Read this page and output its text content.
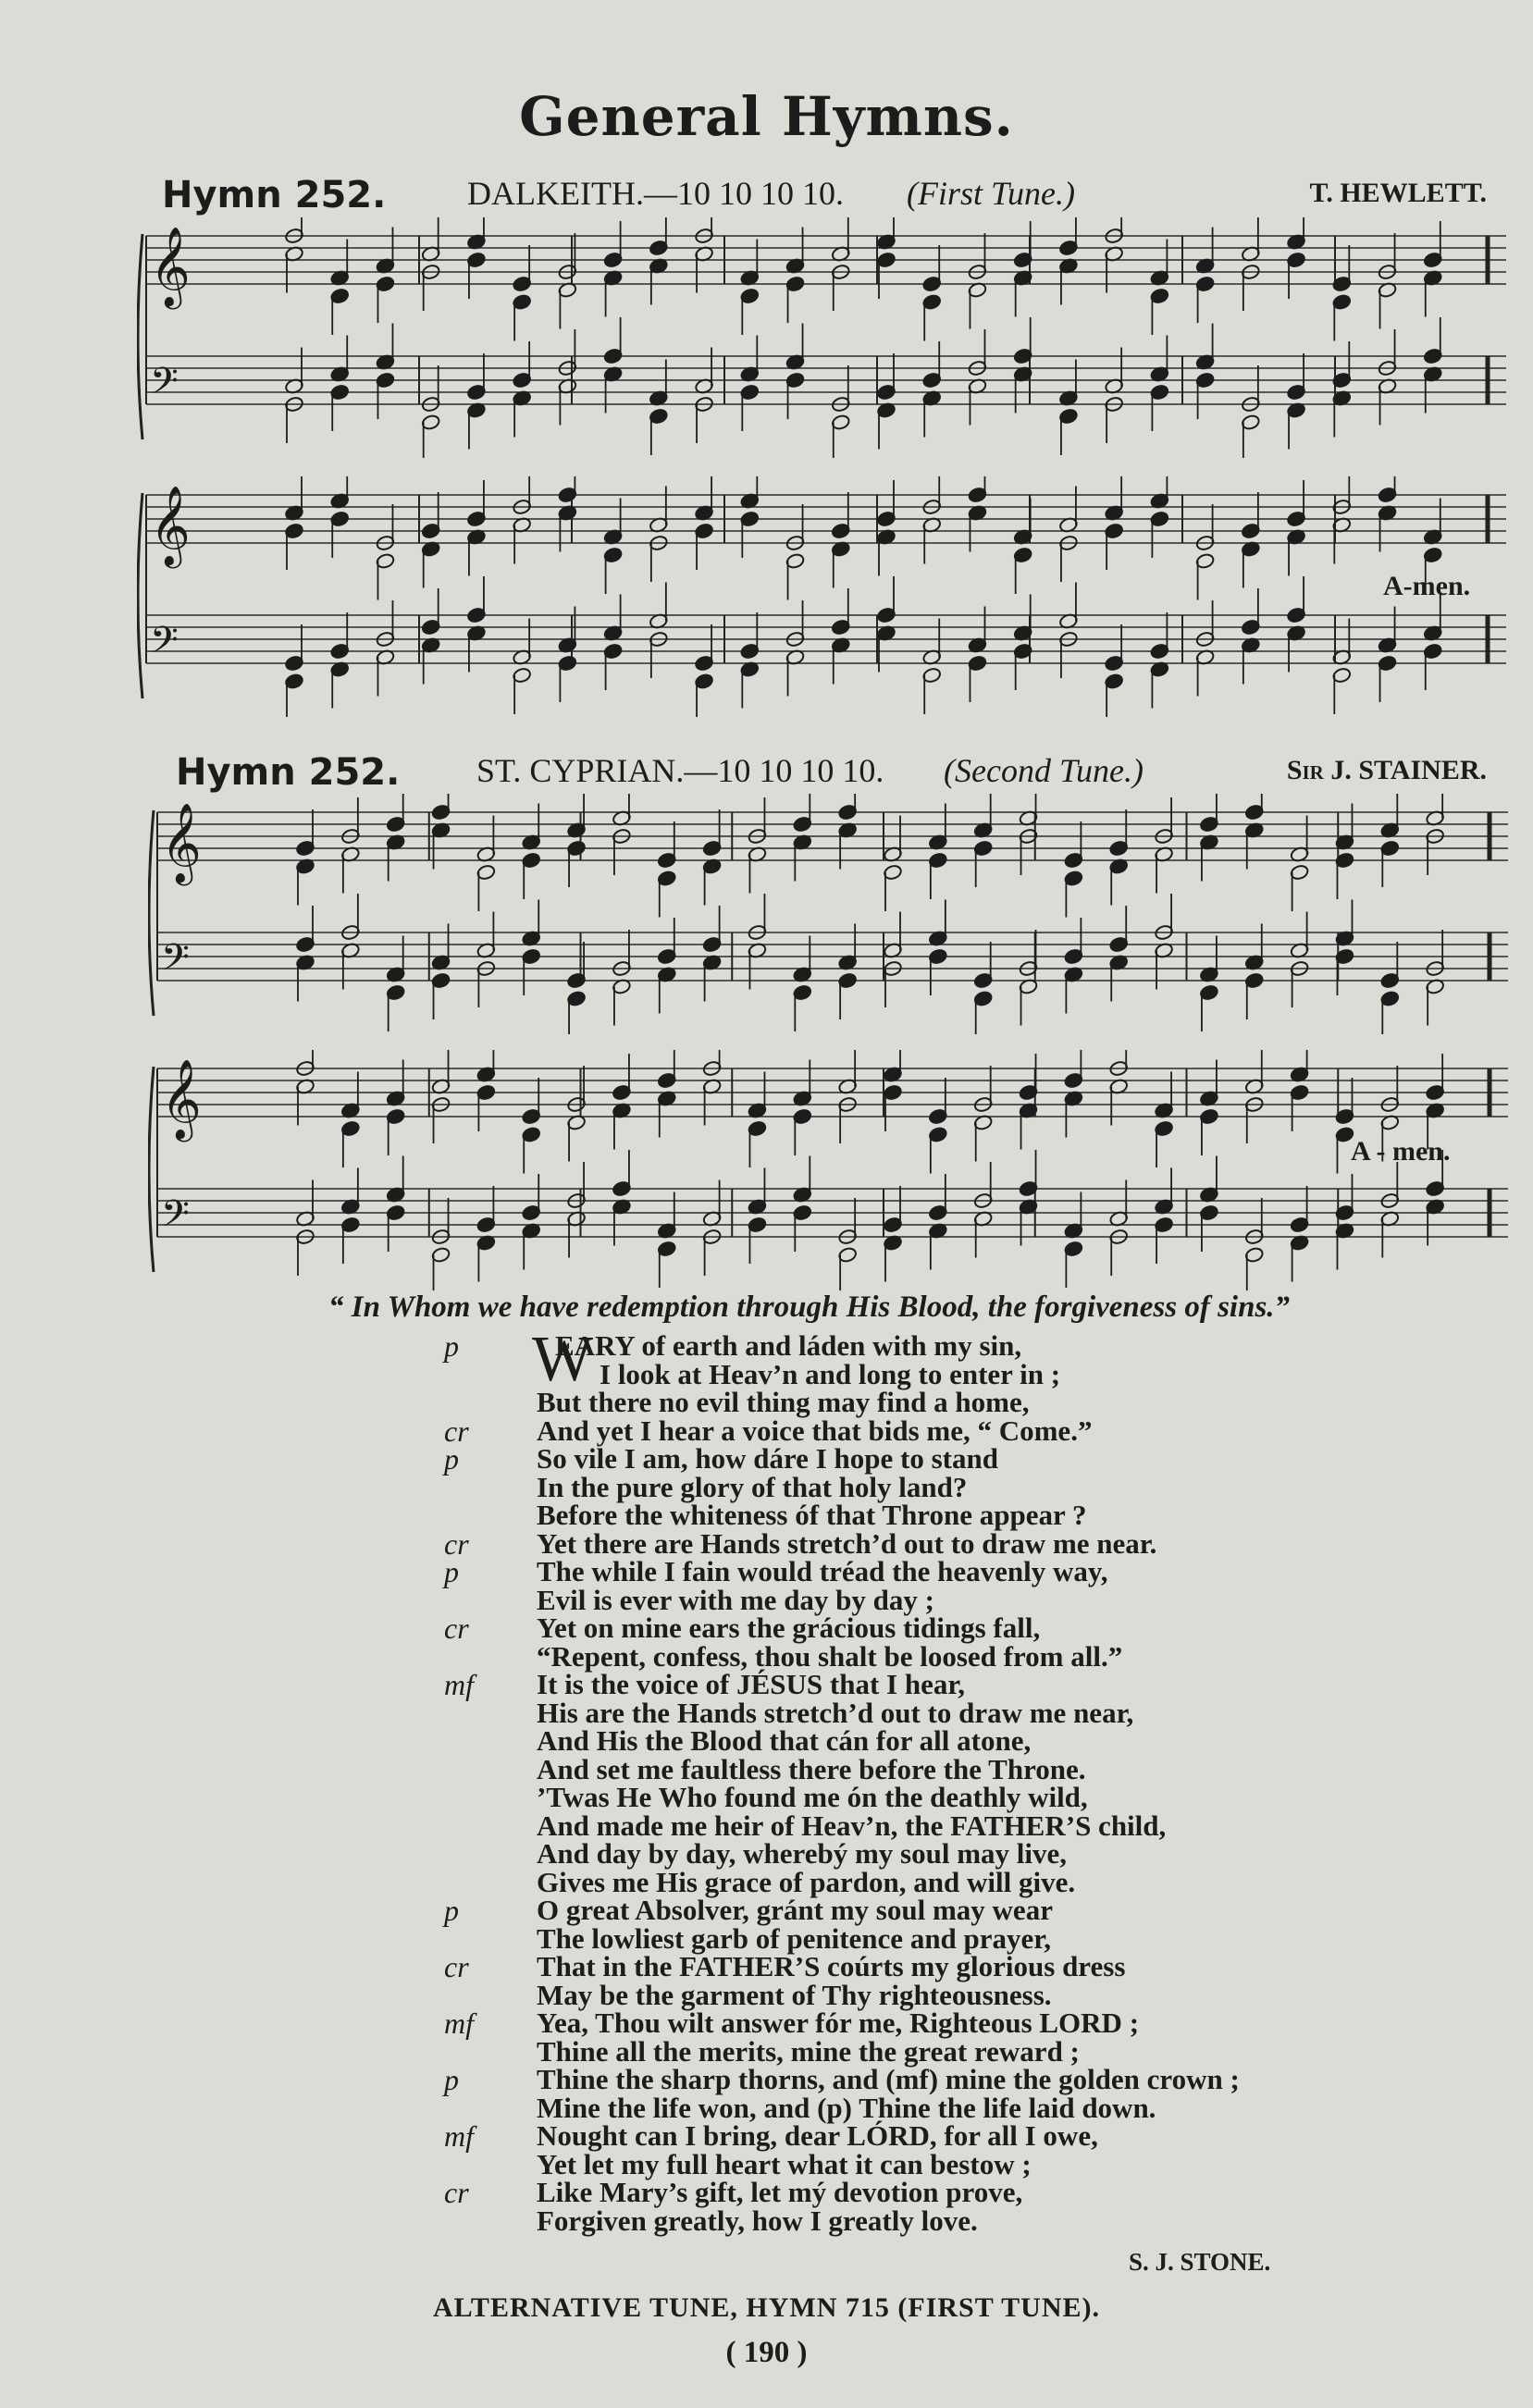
General Hymns.
Hymn 252. DALKEITH.—10 10 10 10. (First Tune.)	T. HEWLETT.
𝄞
𝄢
𝄞
𝄢
A-men.
Hymn 252. ST. CYPRIAN.—10 10 10 10. (Second Tune.)	Sir J. STAINER.
𝄞
𝄢
𝄞
𝄢
A - men.
“ In Whom we have redemption through His Blood, the forgiveness of sins.”
W
p	EARY of earth and láden with my sin,
I look at Heav’n and long to enter in ;
But there no evil thing may find a home,
cr And yet I hear a voice that bids me, “ Come.”
p	So vile I am, how dáre I hope to stand
In the pure glory of that holy land?
Before the whiteness óf that Throne appear ?
cr Yet there are Hands stretch’d out to draw me near.
p	The while I fain would tréad the heavenly way,
Evil is ever with me day by day ;
cr Yet on mine ears the grácious tidings fall,
“Repent, confess, thou shalt be loosed from all.”
mf It is the voice of JÉSUS that I hear,
His are the Hands stretch’d out to draw me near,
And His the Blood that cán for all atone,
And set me faultless there before the Throne.
’Twas He Who found me ón the deathly wild,
And made me heir of Heav’n, the FATHER’S child,
And day by day, wherebý my soul may live,
Gives me His grace of pardon, and will give.
p	O great Absolver, gránt my soul may wear
The lowliest garb of penitence and prayer,
cr That in the FATHER’S coúrts my glorious dress
May be the garment of Thy righteousness.
mf Yea, Thou wilt answer fór me, Righteous LORD ;
Thine all the merits, mine the great reward ;
p	Thine the sharp thorns, and (mf) mine the golden crown ;
Mine the life won, and (p) Thine the life laid down.
mf Nought can I bring, dear LÓRD, for all I owe,
Yet let my full heart what it can bestow ;
cr Like Mary’s gift, let mý devotion prove,
Forgiven greatly, how I greatly love.
S. J. STONE.
ALTERNATIVE TUNE, HYMN 715 (FIRST TUNE).
( 190 )
